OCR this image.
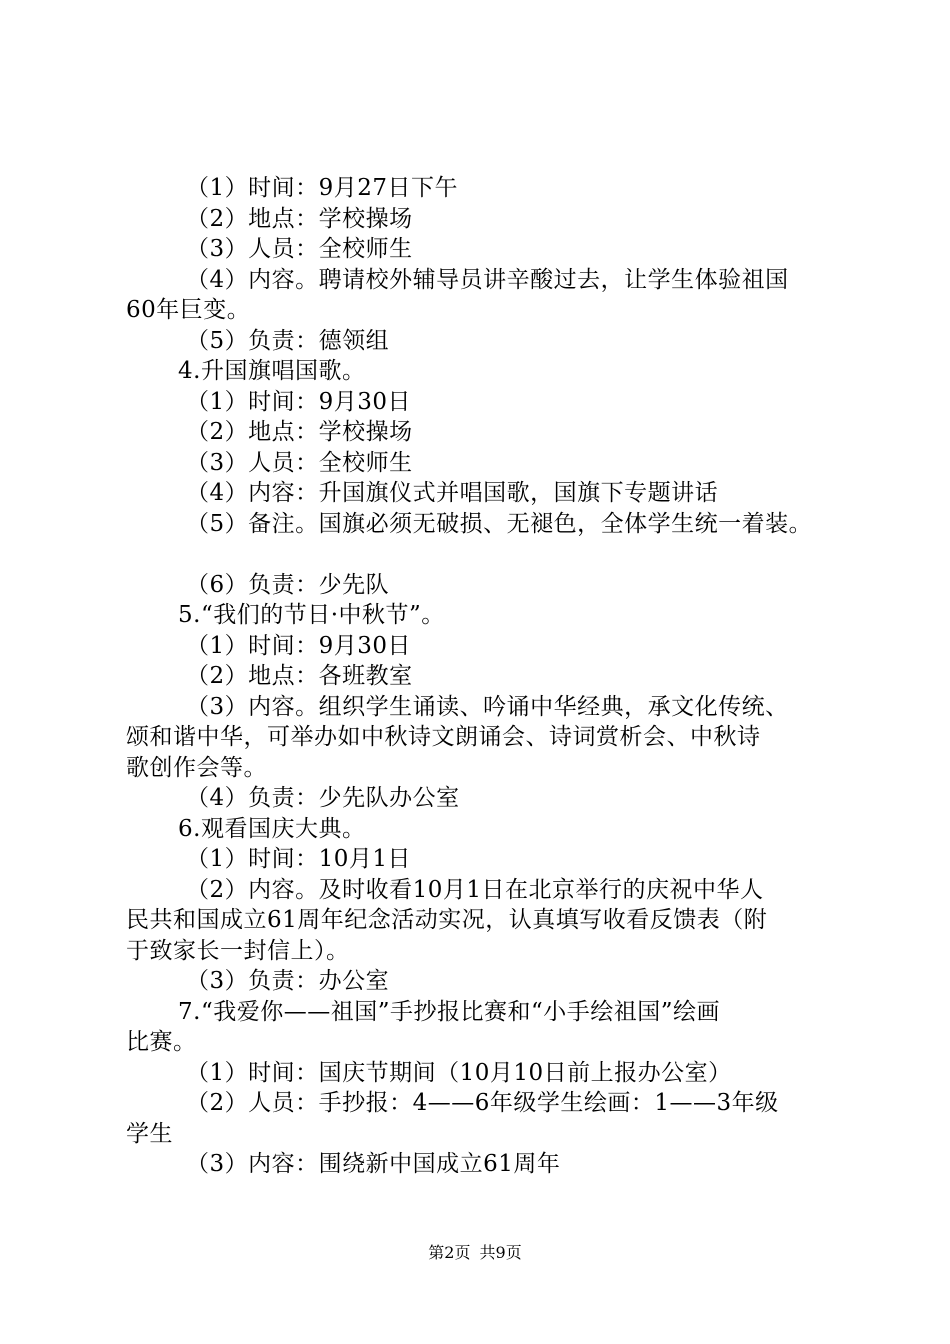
（1）时间：9月27日下午
（2）地点：学校操场
（3）人员：全校师生
（4）内容。聘请校外辅导员讲辛酸过去，让学生体验祖国
60年巨变。
（5）负责：德领组
4.升国旗唱国歌。
（1）时间：9月30日
（2）地点：学校操场
（3）人员：全校师生
（4）内容：升国旗仪式并唱国歌，国旗下专题讲话
（5）备注。国旗必须无破损、无褪色，全体学生统一着装。
（6）负责：少先队
5.“我们的节日·中秋节”。
（1）时间：9月30日
（2）地点：各班教室
（3）内容。组织学生诵读、吟诵中华经典，承文化传统、
颂和谐中华，可举办如中秋诗文朗诵会、诗词赏析会、中秋诗
歌创作会等。
（4）负责：少先队办公室
6.观看国庆大典。
（1）时间：10月1日
（2）内容。及时收看10月1日在北京举行的庆祝中华人
民共和国成立61周年纪念活动实况，认真填写收看反馈表（附
于致家长一封信上）。
（3）负责：办公室
7.“我爱你——祖国”手抄报比赛和“小手绘祖国”绘画
比赛。
（1）时间：国庆节期间（10月10日前上报办公室）
（2）人员：手抄报：4——6年级学生绘画：1——3年级
学生
（3）内容：围绕新中国成立61周年
第2页 共9页
